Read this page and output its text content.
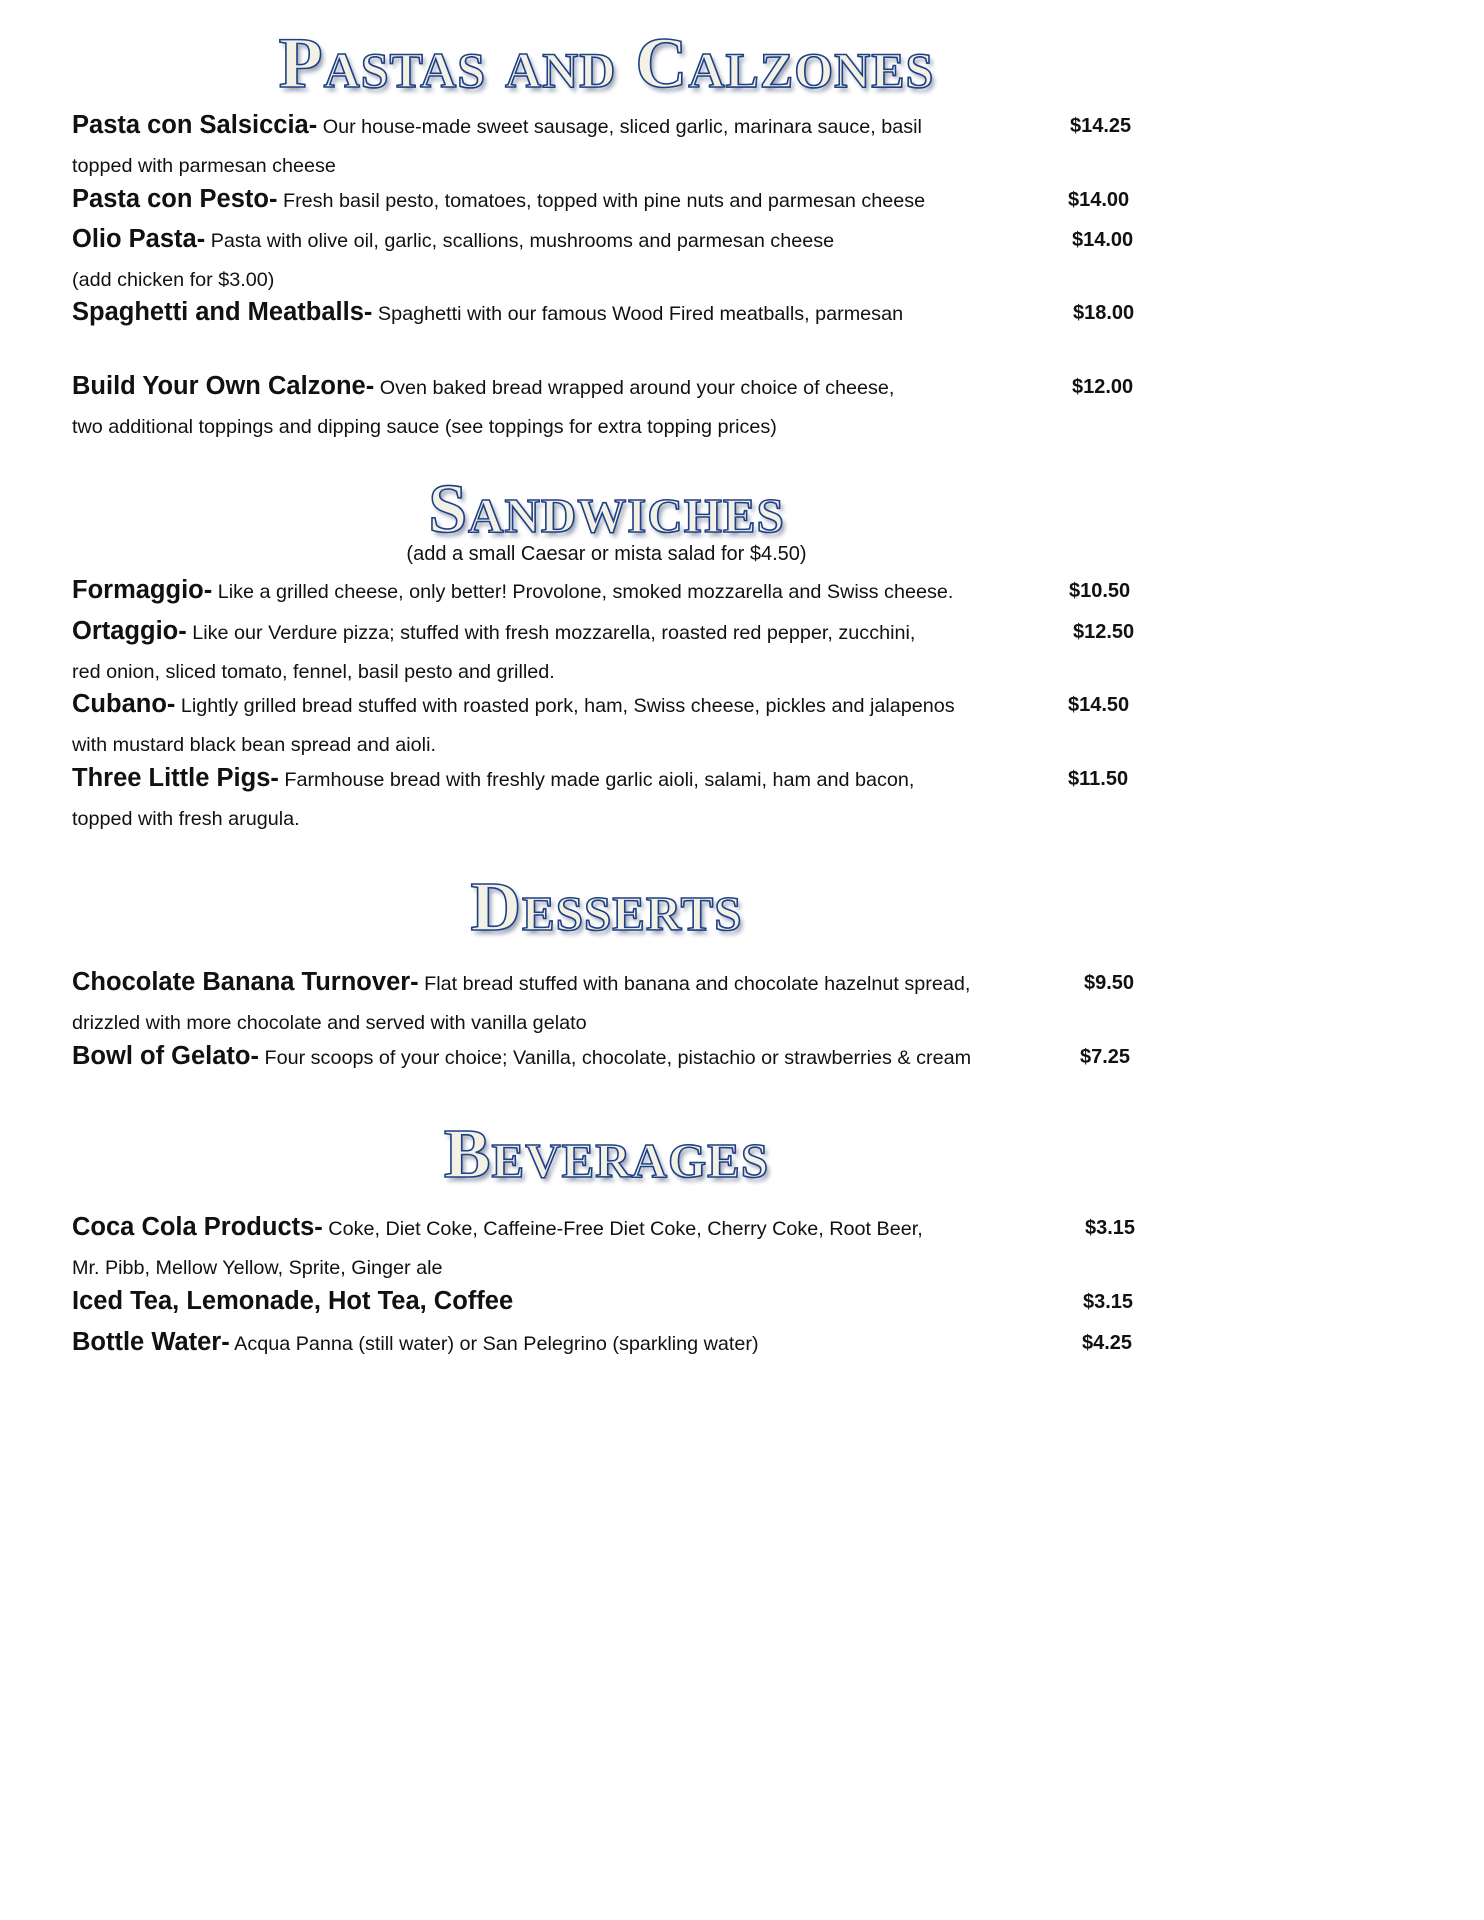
Pastas and Calzones
Pasta con Salsiccia- Our house-made sweet sausage, sliced garlic, marinara sauce, basil	$14.25
topped with parmesan cheese
Pasta con Pesto- Fresh basil pesto, tomatoes, topped with pine nuts and parmesan cheese	$14.00
Olio Pasta- Pasta with olive oil, garlic, scallions, mushrooms and parmesan cheese	$14.00
(add chicken for $3.00)
Spaghetti and Meatballs- Spaghetti with our famous Wood Fired meatballs, parmesan	$18.00
Build Your Own Calzone- Oven baked bread wrapped around your choice of cheese,	$12.00
two additional toppings and dipping sauce (see toppings for extra topping prices)
Sandwiches
(add a small Caesar or mista salad for $4.50)
Formaggio- Like a grilled cheese, only better! Provolone, smoked mozzarella and Swiss cheese.	$10.50
Ortaggio- Like our Verdure pizza; stuffed with fresh mozzarella, roasted red pepper, zucchini,	$12.50
red onion, sliced tomato, fennel, basil pesto and grilled.
Cubano- Lightly grilled bread stuffed with roasted pork, ham, Swiss cheese, pickles and jalapenos	$14.50
with mustard black bean spread and aioli.
Three Little Pigs- Farmhouse bread with freshly made garlic aioli, salami, ham and bacon,	$11.50
topped with fresh arugula.
Desserts
Chocolate Banana Turnover- Flat bread stuffed with banana and chocolate hazelnut spread,	$9.50
drizzled with more chocolate and served with vanilla gelato
Bowl of Gelato- Four scoops of your choice; Vanilla, chocolate, pistachio or strawberries & cream	$7.25
Beverages
Coca Cola Products- Coke, Diet Coke, Caffeine-Free Diet Coke, Cherry Coke, Root Beer,	$3.15
Mr. Pibb, Mellow Yellow, Sprite, Ginger ale
Iced Tea, Lemonade, Hot Tea, Coffee	$3.15
Bottle Water- Acqua Panna (still water) or San Pelegrino (sparkling water)	$4.25
